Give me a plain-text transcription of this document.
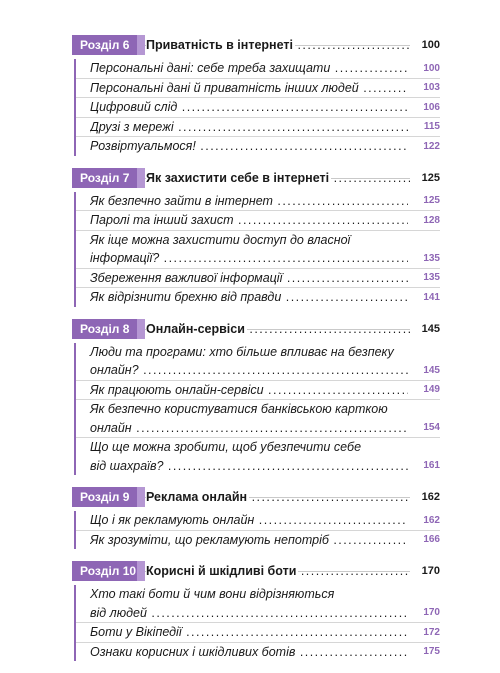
Розділ 6	Приватність в інтернеті . . .	100
Персональні дані: себе треба захищати . . .	100
Персональні дані й приватність інших людей . . .	103
Цифровий слід . . .	106
Друзі з мережі . . .	115
Розвіртуальмося! . . .	122
Розділ 7	Як захистити себе в інтернеті . . .	125
Як безпечно зайти в інтернет . . .	125
Паролі та інший захист . . .	128
Як іще можна захистити доступ до власної
інформації? . . .	135
Збереження важливої інформації . . .	135
Як відрізнити брехню від правди . . .	141
Розділ 8	Онлайн-сервіси . . .	145
Люди та програми: хто більше впливає на безпеку
онлайн? . . .	145
Як працюють онлайн-сервіси . . .	149
Як безпечно користуватися банківською карткою
онлайн . . .	154
Що ще можна зробити, щоб убезпечити себе
від шахраїв? . . .	161
Розділ 9	Реклама онлайн . . .	162
Що і як рекламують онлайн . . .	162
Як зрозуміти, що рекламують непотріб . . .	166
Розділ 10 Корисні й шкідливі боти . . .	170
Хто такі боти й чим вони відрізняються
від людей . . .	170
Боти у Вікіпедії . . .	172
Ознаки корисних і шкідливих ботів . . .	175
